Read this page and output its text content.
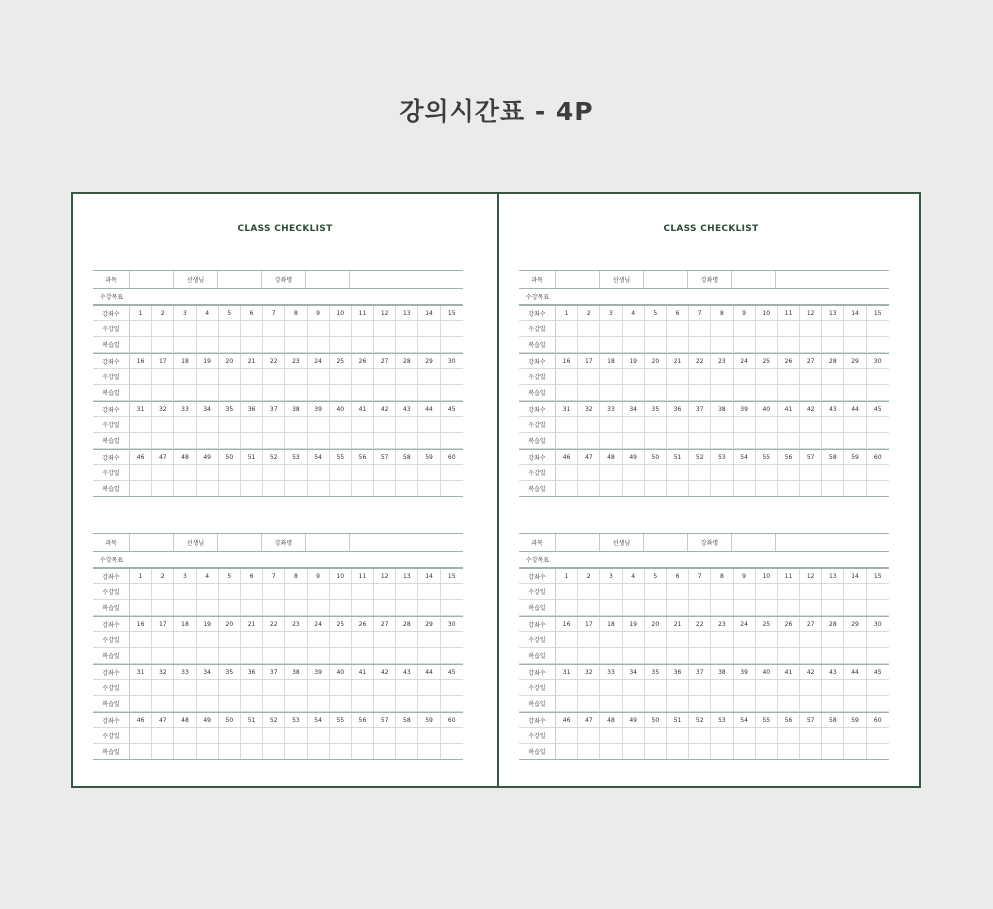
강의시간표 - 4P
CLASS CHECKLIST
과목	선생님	강좌명
수강목표
강좌수	1	2	3	4	5	6	7	8	9	10	11	12	13	14	15
수강일
복습일
강좌수	16	17	18	19	20	21	22	23	24	25	26	27	28	29	30
수강일
복습일
강좌수	31	32	33	34	35	36	37	38	39	40	41	42	43	44	45
수강일
복습일
강좌수	46	47	48	49	50	51	52	53	54	55	56	57	58	59	60
수강일
복습일
과목	선생님	강좌명
수강목표
강좌수	1	2	3	4	5	6	7	8	9	10	11	12	13	14	15
수강일
복습일
강좌수	16	17	18	19	20	21	22	23	24	25	26	27	28	29	30
수강일
복습일
강좌수	31	32	33	34	35	36	37	38	39	40	41	42	43	44	45
수강일
복습일
강좌수	46	47	48	49	50	51	52	53	54	55	56	57	58	59	60
수강일
복습일
CLASS CHECKLIST
과목	선생님	강좌명
수강목표
강좌수	1	2	3	4	5	6	7	8	9	10	11	12	13	14	15
수강일
복습일
강좌수	16	17	18	19	20	21	22	23	24	25	26	27	28	29	30
수강일
복습일
강좌수	31	32	33	34	35	36	37	38	39	40	41	42	43	44	45
수강일
복습일
강좌수	46	47	48	49	50	51	52	53	54	55	56	57	58	59	60
수강일
복습일
과목	선생님	강좌명
수강목표
강좌수	1	2	3	4	5	6	7	8	9	10	11	12	13	14	15
수강일
복습일
강좌수	16	17	18	19	20	21	22	23	24	25	26	27	28	29	30
수강일
복습일
강좌수	31	32	33	34	35	36	37	38	39	40	41	42	43	44	45
수강일
복습일
강좌수	46	47	48	49	50	51	52	53	54	55	56	57	58	59	60
수강일
복습일
